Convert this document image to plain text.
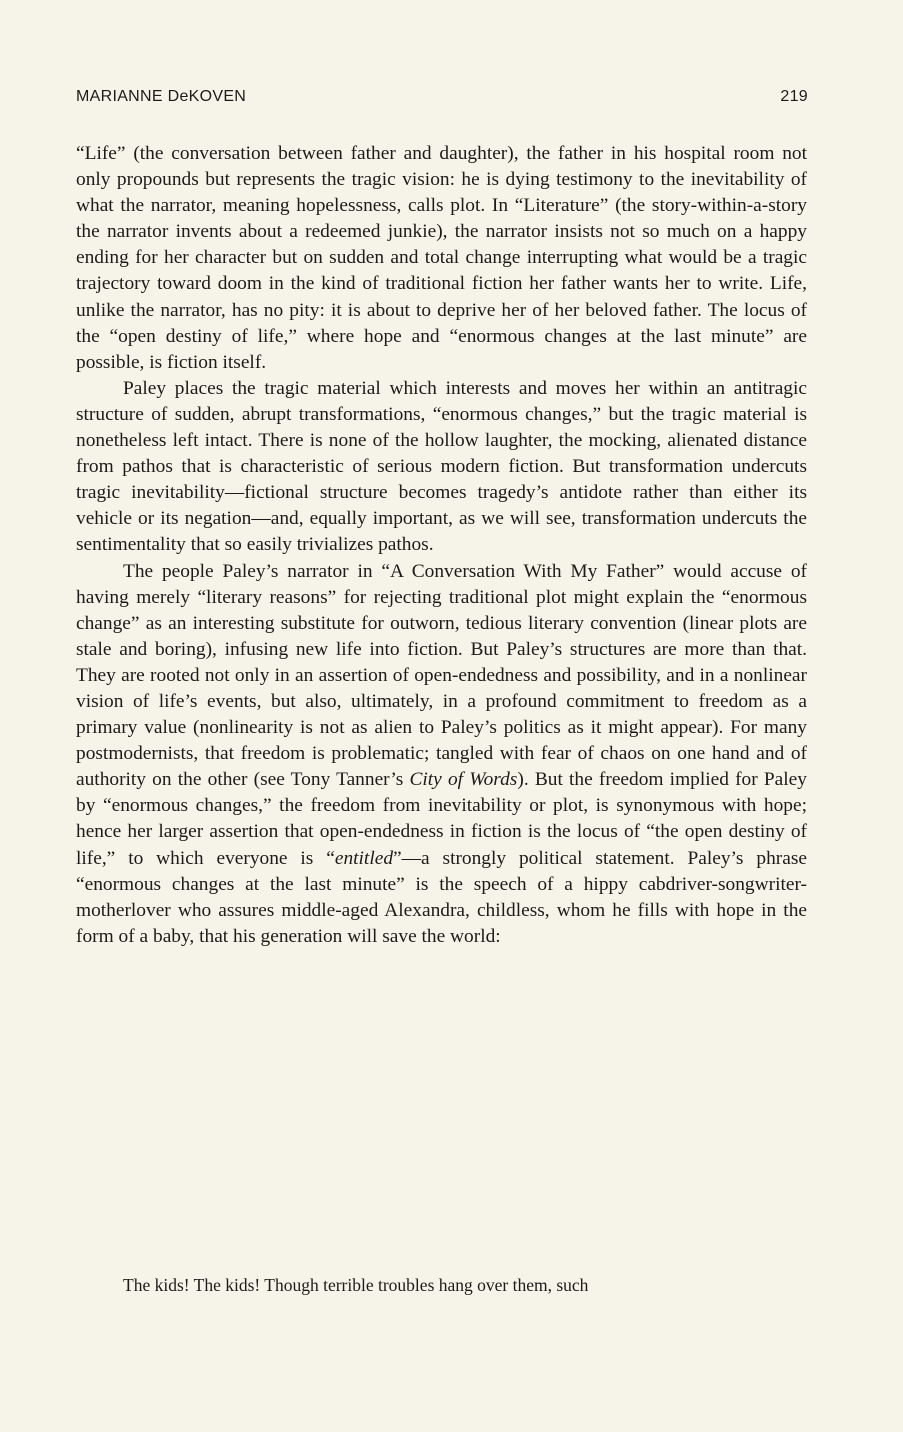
MARIANNE DeKOVEN	219

“Life” (the conversation between father and daughter), the father in his hospital room not only propounds but represents the tragic vision: he is dying testimony to the inevitability of what the narrator, meaning hopelessness, calls plot. In “Literature” (the story-within-a-story the narrator invents about a redeemed junkie), the narrator insists not so much on a happy ending for her character but on sudden and total change interrupting what would be a tragic trajectory toward doom in the kind of traditional fiction her father wants her to write. Life, unlike the narrator, has no pity: it is about to deprive her of her beloved father. The locus of the “open destiny of life,” where hope and “enormous changes at the last minute” are possible, is fiction itself.

Paley places the tragic material which interests and moves her within an antitragic structure of sudden, abrupt transformations, “enormous changes,” but the tragic material is nonetheless left intact. There is none of the hollow laughter, the mocking, alienated distance from pathos that is characteristic of serious modern fiction. But transformation undercuts tragic inevitability—fictional structure becomes tragedy’s antidote rather than either its vehicle or its negation—and, equally important, as we will see, transformation undercuts the sentimentality that so easily trivializes pathos.

The people Paley’s narrator in “A Conversation With My Father” would accuse of having merely “literary reasons” for rejecting traditional plot might explain the “enormous change” as an interesting substitute for outworn, tedious literary convention (linear plots are stale and boring), infusing new life into fiction. But Paley’s structures are more than that. They are rooted not only in an assertion of open-endedness and possibility, and in a nonlinear vision of life’s events, but also, ultimately, in a profound commitment to freedom as a primary value (nonlinearity is not as alien to Paley’s politics as it might appear). For many postmodernists, that freedom is problematic; tangled with fear of chaos on one hand and of authority on the other (see Tony Tanner’s City of Words). But the freedom implied for Paley by “enormous changes,” the freedom from inevitability or plot, is synonymous with hope; hence her larger assertion that open-endedness in fiction is the locus of “the open destiny of life,” to which everyone is “entitled”—a strongly political statement. Paley’s phrase “enormous changes at the last minute” is the speech of a hippy cabdriver-songwriter-motherlover who assures middle-aged Alexandra, childless, whom he fills with hope in the form of a baby, that his generation will save the world:

The kids! The kids! Though terrible troubles hang over them, such
